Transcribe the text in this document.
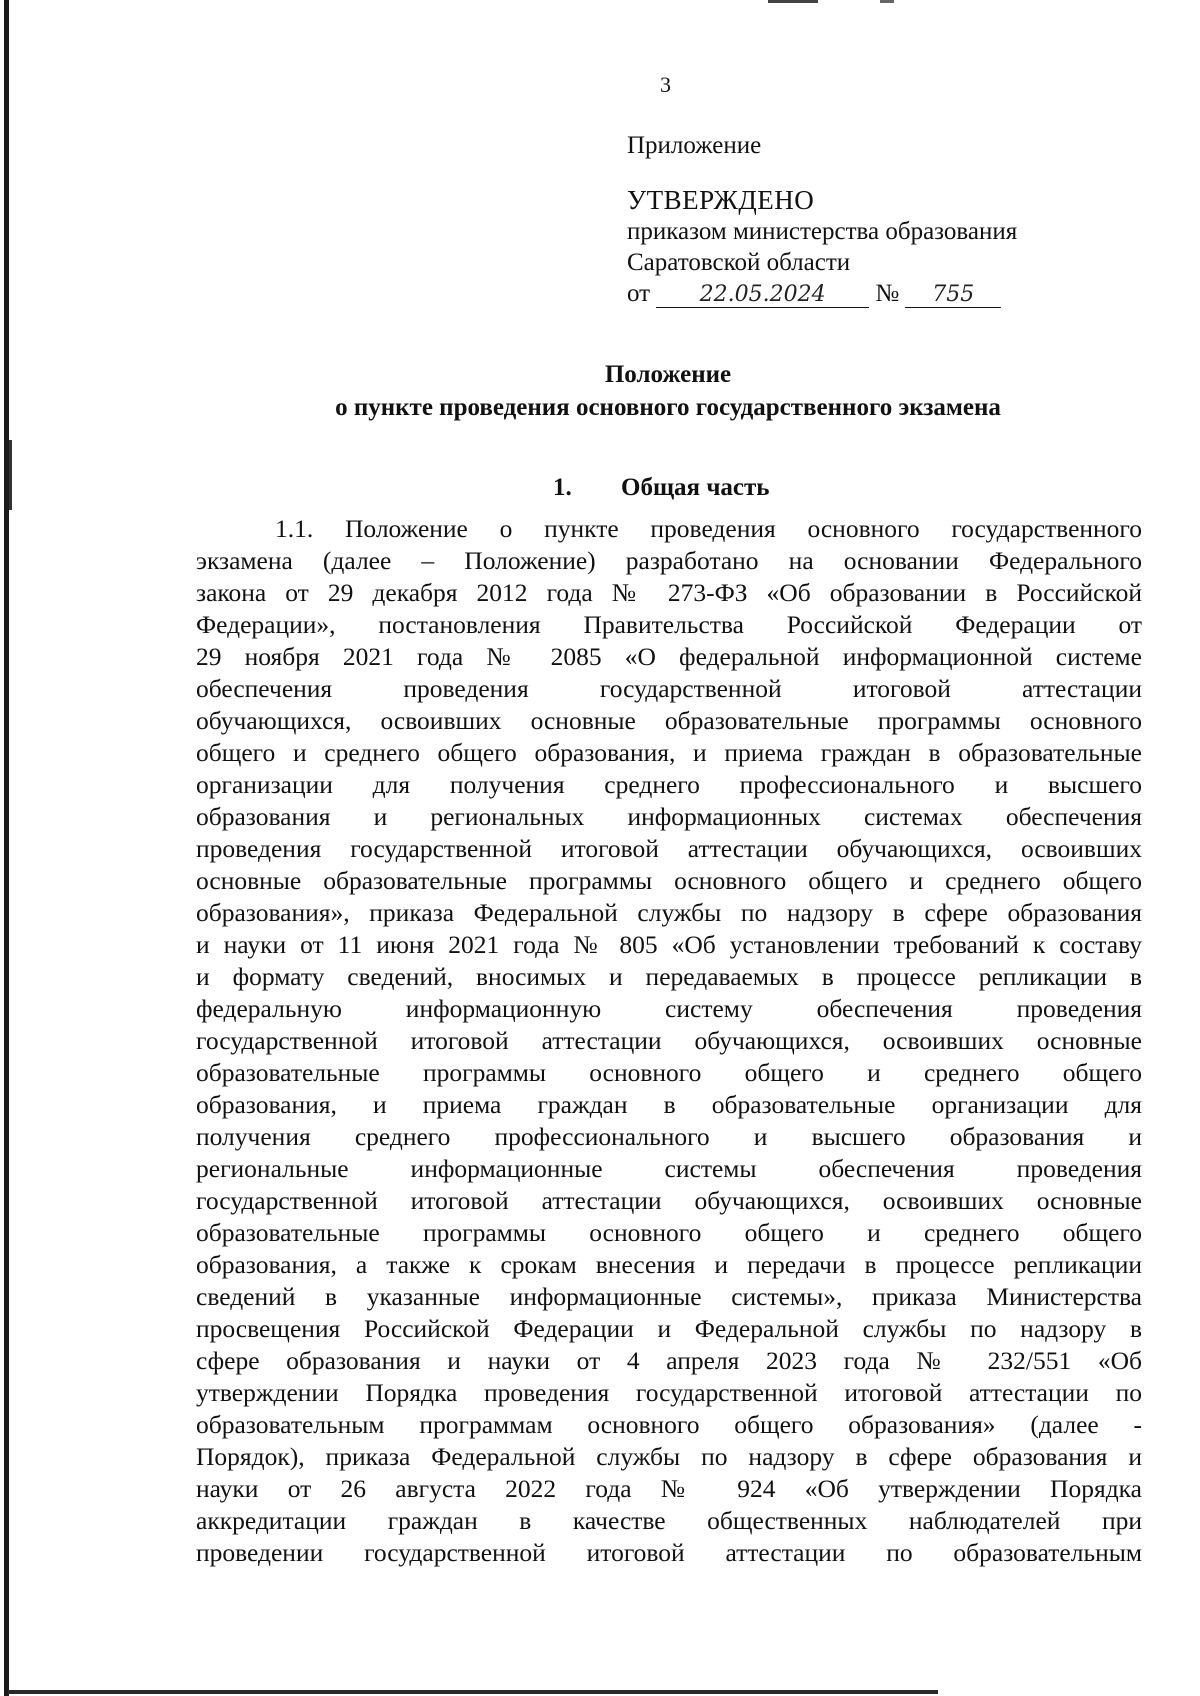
3
Приложение
УТВЕРЖДЕНО
приказом министерства образования
Саратовской области
от 22.05.2024 № 755
Положение
о пункте проведения основного государственного экзамена
1. Общая часть
1.1. Положение о пункте проведения основного государственного
экзамена (далее – Положение) разработано на основании Федерального
закона от 29 декабря 2012 года № 273-ФЗ «Об образовании в Российской
Федерации», постановления Правительства Российской Федерации от
29 ноября 2021 года № 2085 «О федеральной информационной системе
обеспечения проведения государственной итоговой аттестации
обучающихся, освоивших основные образовательные программы основного
общего и среднего общего образования, и приема граждан в образовательные
организации для получения среднего профессионального и высшего
образования и региональных информационных системах обеспечения
проведения государственной итоговой аттестации обучающихся, освоивших
основные образовательные программы основного общего и среднего общего
образования», приказа Федеральной службы по надзору в сфере образования
и науки от 11 июня 2021 года № 805 «Об установлении требований к составу
и формату сведений, вносимых и передаваемых в процессе репликации в
федеральную информационную систему обеспечения проведения
государственной итоговой аттестации обучающихся, освоивших основные
образовательные программы основного общего и среднего общего
образования, и приема граждан в образовательные организации для
получения среднего профессионального и высшего образования и
региональные информационные системы обеспечения проведения
государственной итоговой аттестации обучающихся, освоивших основные
образовательные программы основного общего и среднего общего
образования, а также к срокам внесения и передачи в процессе репликации
сведений в указанные информационные системы», приказа Министерства
просвещения Российской Федерации и Федеральной службы по надзору в
сфере образования и науки от 4 апреля 2023 года № 232/551 «Об
утверждении Порядка проведения государственной итоговой аттестации по
образовательным программам основного общего образования» (далее -
Порядок), приказа Федеральной службы по надзору в сфере образования и
науки от 26 августа 2022 года № 924 «Об утверждении Порядка
аккредитации граждан в качестве общественных наблюдателей при
проведении государственной итоговой аттестации по образовательным
